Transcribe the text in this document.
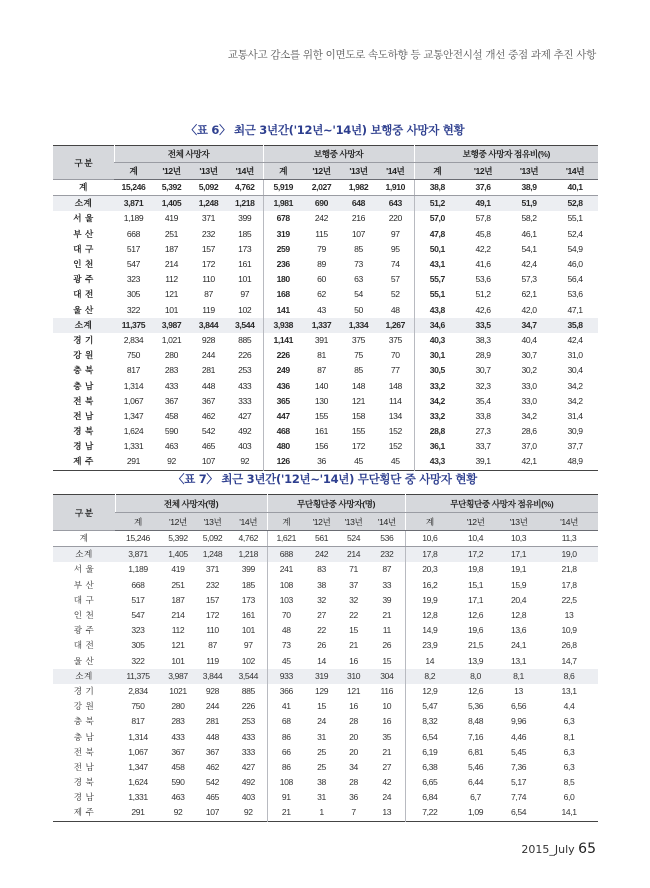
교통사고 감소를 위한 이면도로 속도하향 등 교통안전시설 개선 중점 과제 추진 사항
〈표 6〉 최근 3년간('12년~'14년) 보행중 사망자 현황
구 분	전체 사망자				보행중 사망자				보행중 사망자 점유비(%)			
	계	'12년	'13년	'14년	계	'12년	'13년	'14년	계	'12년	'13년	'14년
계	15,246	5,392	5,092	4,762	5,919	2,027	1,982	1,910	38,8	37,6	38,9	40,1
소계	3,871	1,405	1,248	1,218	1,981	690	648	643	51,2	49,1	51,9	52,8
서 울	1,189	419	371	399	678	242	216	220	57,0	57,8	58,2	55,1
부 산	668	251	232	185	319	115	107	97	47,8	45,8	46,1	52,4
대 구	517	187	157	173	259	79	85	95	50,1	42,2	54,1	54,9
인 천	547	214	172	161	236	89	73	74	43,1	41,6	42,4	46,0
광 주	323	112	110	101	180	60	63	57	55,7	53,6	57,3	56,4
대 전	305	121	87	97	168	62	54	52	55,1	51,2	62,1	53,6
울 산	322	101	119	102	141	43	50	48	43,8	42,6	42,0	47,1
소계	11,375	3,987	3,844	3,544	3,938	1,337	1,334	1,267	34,6	33,5	34,7	35,8
경 기	2,834	1,021	928	885	1,141	391	375	375	40,3	38,3	40,4	42,4
강 원	750	280	244	226	226	81	75	70	30,1	28,9	30,7	31,0
충 북	817	283	281	253	249	87	85	77	30,5	30,7	30,2	30,4
충 남	1,314	433	448	433	436	140	148	148	33,2	32,3	33,0	34,2
전 북	1,067	367	367	333	365	130	121	114	34,2	35,4	33,0	34,2
전 남	1,347	458	462	427	447	155	158	134	33,2	33,8	34,2	31,4
경 북	1,624	590	542	492	468	161	155	152	28,8	27,3	28,6	30,9
경 남	1,331	463	465	403	480	156	172	152	36,1	33,7	37,0	37,7
제 주	291	92	107	92	126	36	45	45	43,3	39,1	42,1	48,9
〈표 7〉 최근 3년간('12년~'14년) 무단횡단 중 사망자 현황
구 분	전체 사망자(명)				무단횡단중 사망자(명)				무단횡단중 사망자 점유비(%)			
	계	'12년	'13년	'14년	계	'12년	'13년	'14년	계	'12년	'13년	'14년
계	15,246	5,392	5,092	4,762	1,621	561	524	536	10,6	10,4	10,3	11,3
소계	3,871	1,405	1,248	1,218	688	242	214	232	17,8	17,2	17,1	19,0
서 울	1,189	419	371	399	241	83	71	87	20,3	19,8	19,1	21,8
부 산	668	251	232	185	108	38	37	33	16,2	15,1	15,9	17,8
대 구	517	187	157	173	103	32	32	39	19,9	17,1	20,4	22,5
인 천	547	214	172	161	70	27	22	21	12,8	12,6	12,8	13
광 주	323	112	110	101	48	22	15	11	14,9	19,6	13,6	10,9
대 전	305	121	87	97	73	26	21	26	23,9	21,5	24,1	26,8
울 산	322	101	119	102	45	14	16	15	14	13,9	13,1	14,7
소계	11,375	3,987	3,844	3,544	933	319	310	304	8,2	8,0	8,1	8,6
경 기	2,834	1021	928	885	366	129	121	116	12,9	12,6	13	13,1
강 원	750	280	244	226	41	15	16	10	5,47	5,36	6,56	4,4
충 북	817	283	281	253	68	24	28	16	8,32	8,48	9,96	6,3
충 남	1,314	433	448	433	86	31	20	35	6,54	7,16	4,46	8,1
전 북	1,067	367	367	333	66	25	20	21	6,19	6,81	5,45	6,3
전 남	1,347	458	462	427	86	25	34	27	6,38	5,46	7,36	6,3
경 북	1,624	590	542	492	108	38	28	42	6,65	6,44	5,17	8,5
경 남	1,331	463	465	403	91	31	36	24	6,84	6,7	7,74	6,0
제 주	291	92	107	92	21	1	7	13	7,22	1,09	6,54	14,1
2015_July 65
